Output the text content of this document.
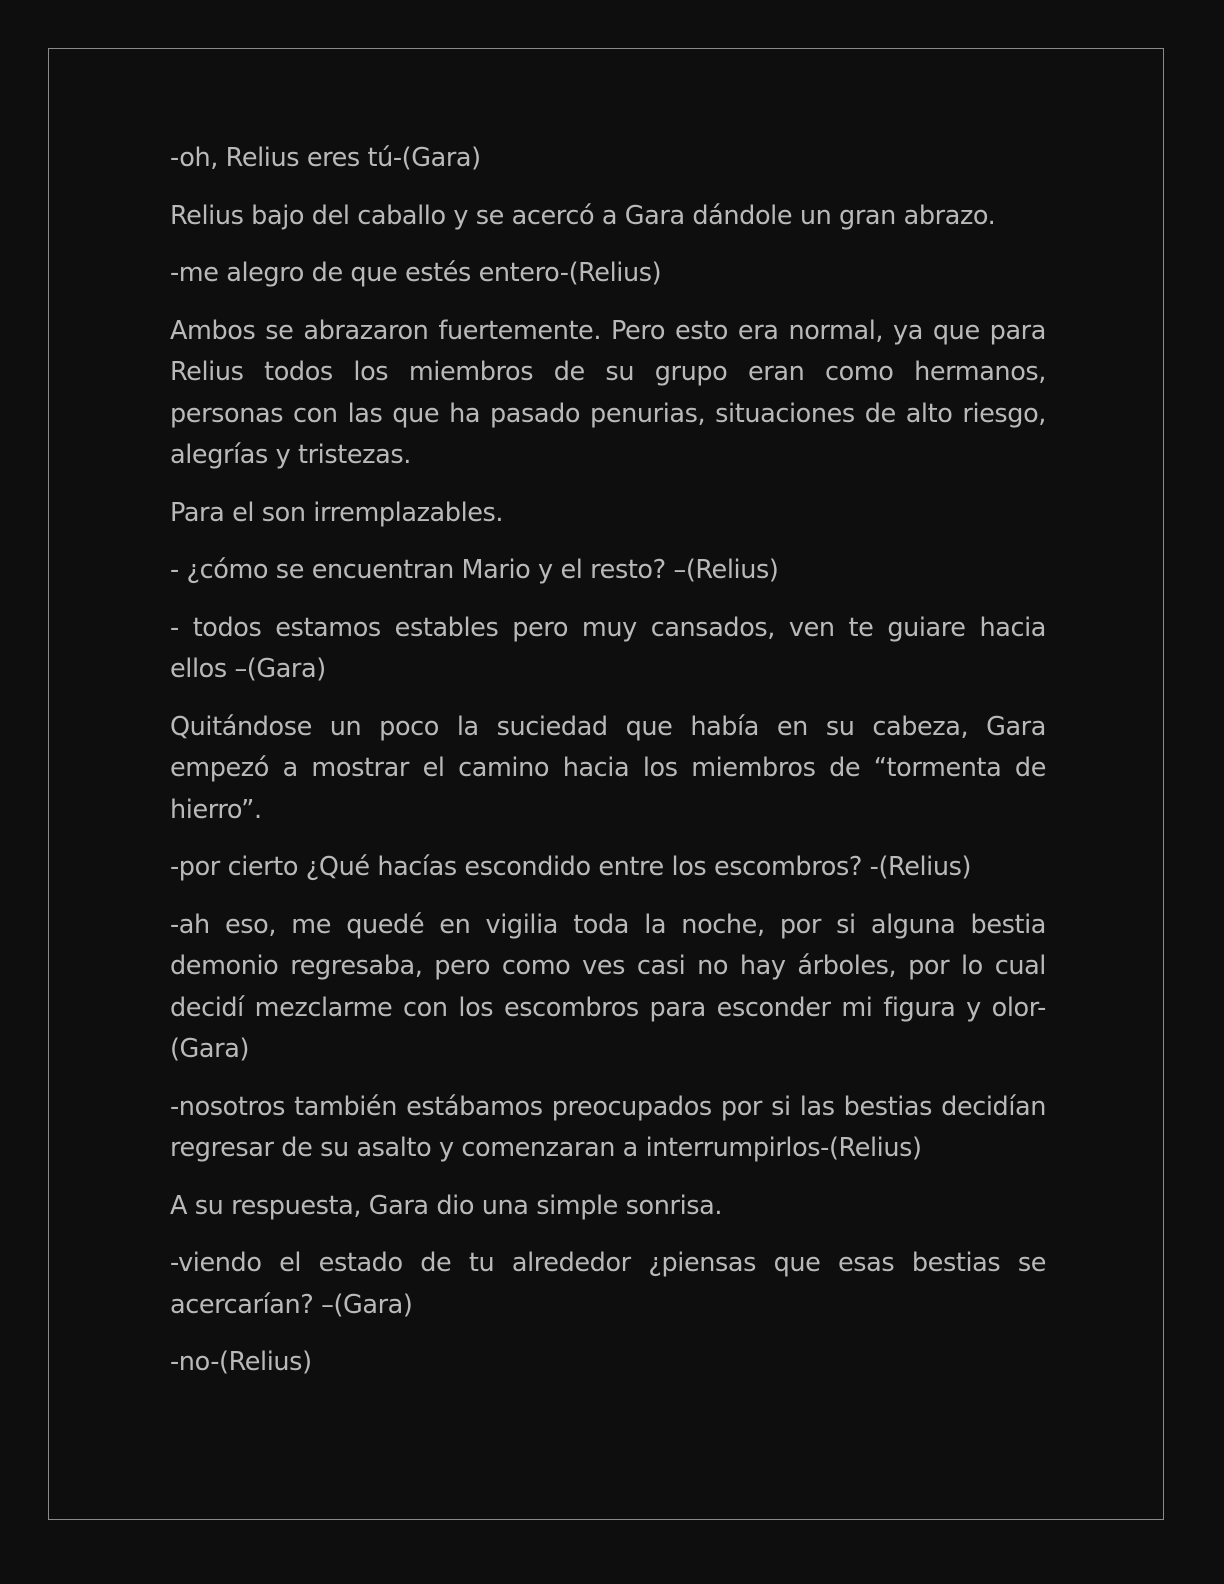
-oh, Relius eres tú-(Gara)

Relius bajo del caballo y se acercó a Gara dándole un gran abrazo.

-me alegro de que estés entero-(Relius)

Ambos se abrazaron fuertemente. Pero esto era normal, ya que para Relius todos los miembros de su grupo eran como hermanos, personas con las que ha pasado penurias, situaciones de alto riesgo, alegrías y tristezas.

Para el son irremplazables.

- ¿cómo se encuentran Mario y el resto? –(Relius)

- todos estamos estables pero muy cansados, ven te guiare hacia ellos –(Gara)

Quitándose un poco la suciedad que había en su cabeza, Gara empezó a mostrar el camino hacia los miembros de “tormenta de hierro”.

-por cierto ¿Qué hacías escondido entre los escombros? -(Relius)

-ah eso, me quedé en vigilia toda la noche, por si alguna bestia demonio regresaba, pero como ves casi no hay árboles, por lo cual decidí mezclarme con los escombros para esconder mi figura y olor-(Gara)

-nosotros también estábamos preocupados por si las bestias decidían regresar de su asalto y comenzaran a interrumpirlos-(Relius)

A su respuesta, Gara dio una simple sonrisa.

-viendo el estado de tu alrededor ¿piensas que esas bestias se acercarían? –(Gara)

-no-(Relius)
